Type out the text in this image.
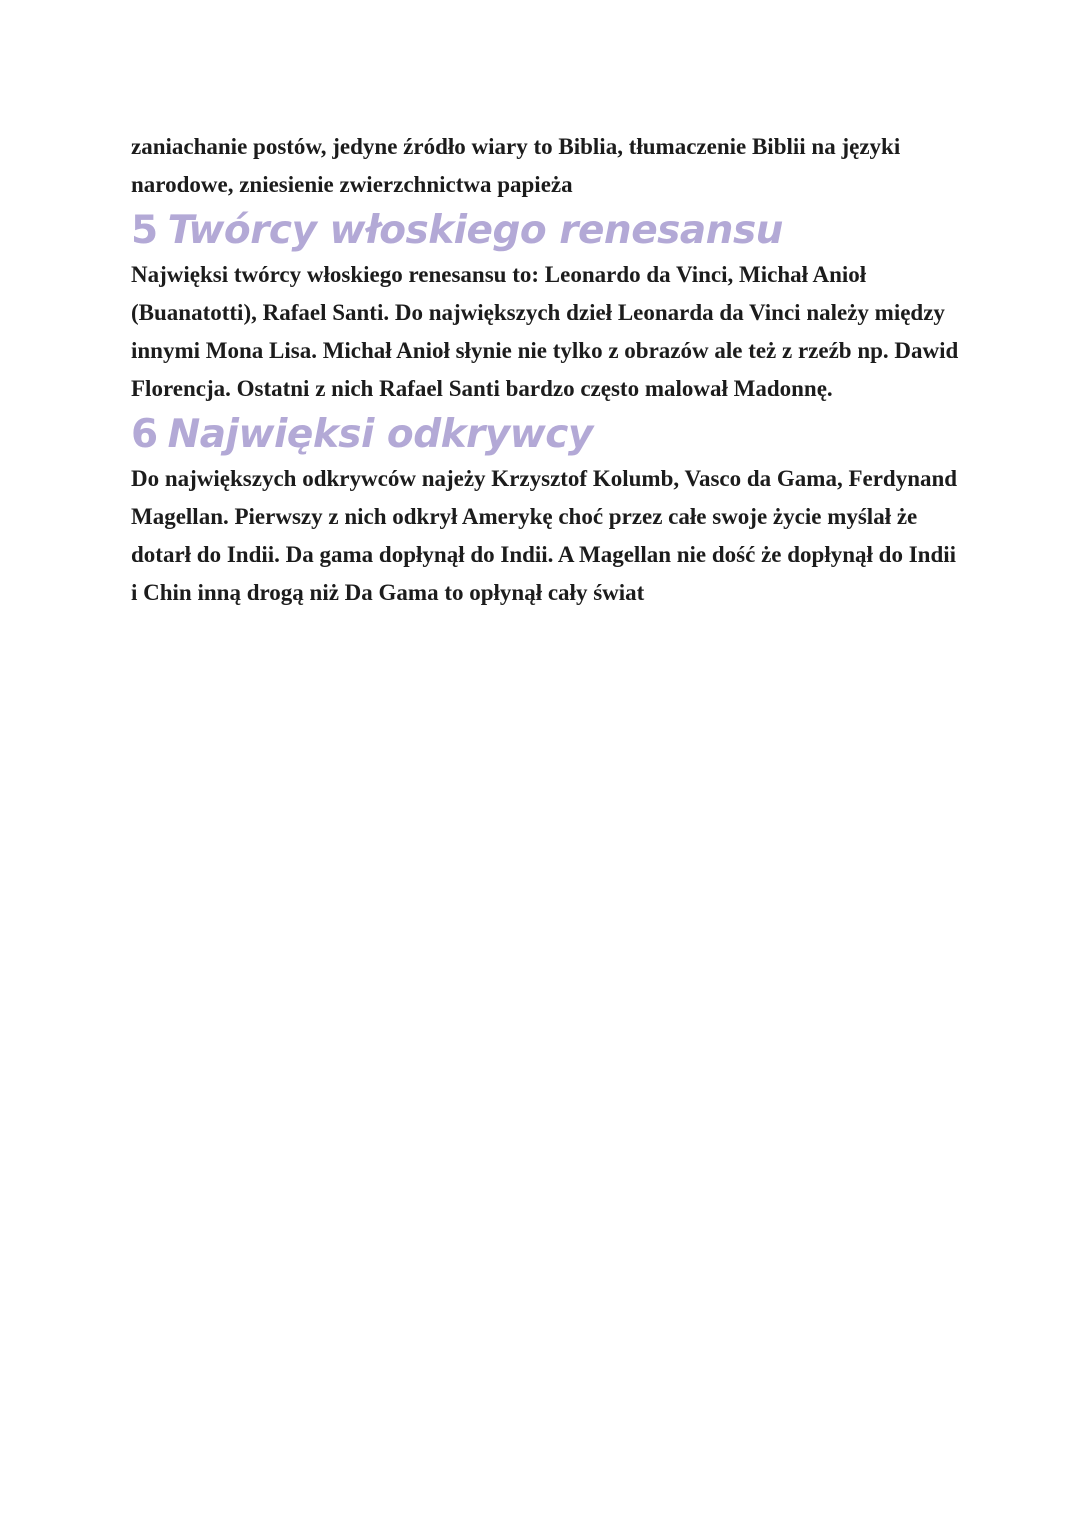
zaniachanie postów, jedyne źródło wiary to Biblia, tłumaczenie Biblii na języki narodowe, zniesienie zwierzchnictwa papieża

5 Twórcy włoskiego renesansu

Najwięksi twórcy włoskiego renesansu to: Leonardo da Vinci, Michał Anioł (Buanatotti), Rafael Santi. Do największych dzieł Leonarda da Vinci należy między innymi Mona Lisa. Michał Anioł słynie nie tylko z obrazów ale też z rzeźb np. Dawid Florencja. Ostatni z nich Rafael Santi bardzo często malował Madonnę.

6 Najwięksi odkrywcy

Do największych odkrywców najeży Krzysztof Kolumb, Vasco da Gama, Ferdynand Magellan. Pierwszy z nich odkrył Amerykę choć przez całe swoje życie myślał że dotarł do Indii. Da gama dopłynął do Indii. A Magellan nie dość że dopłynął do Indii i Chin inną drogą niż Da Gama to opłynął cały świat
